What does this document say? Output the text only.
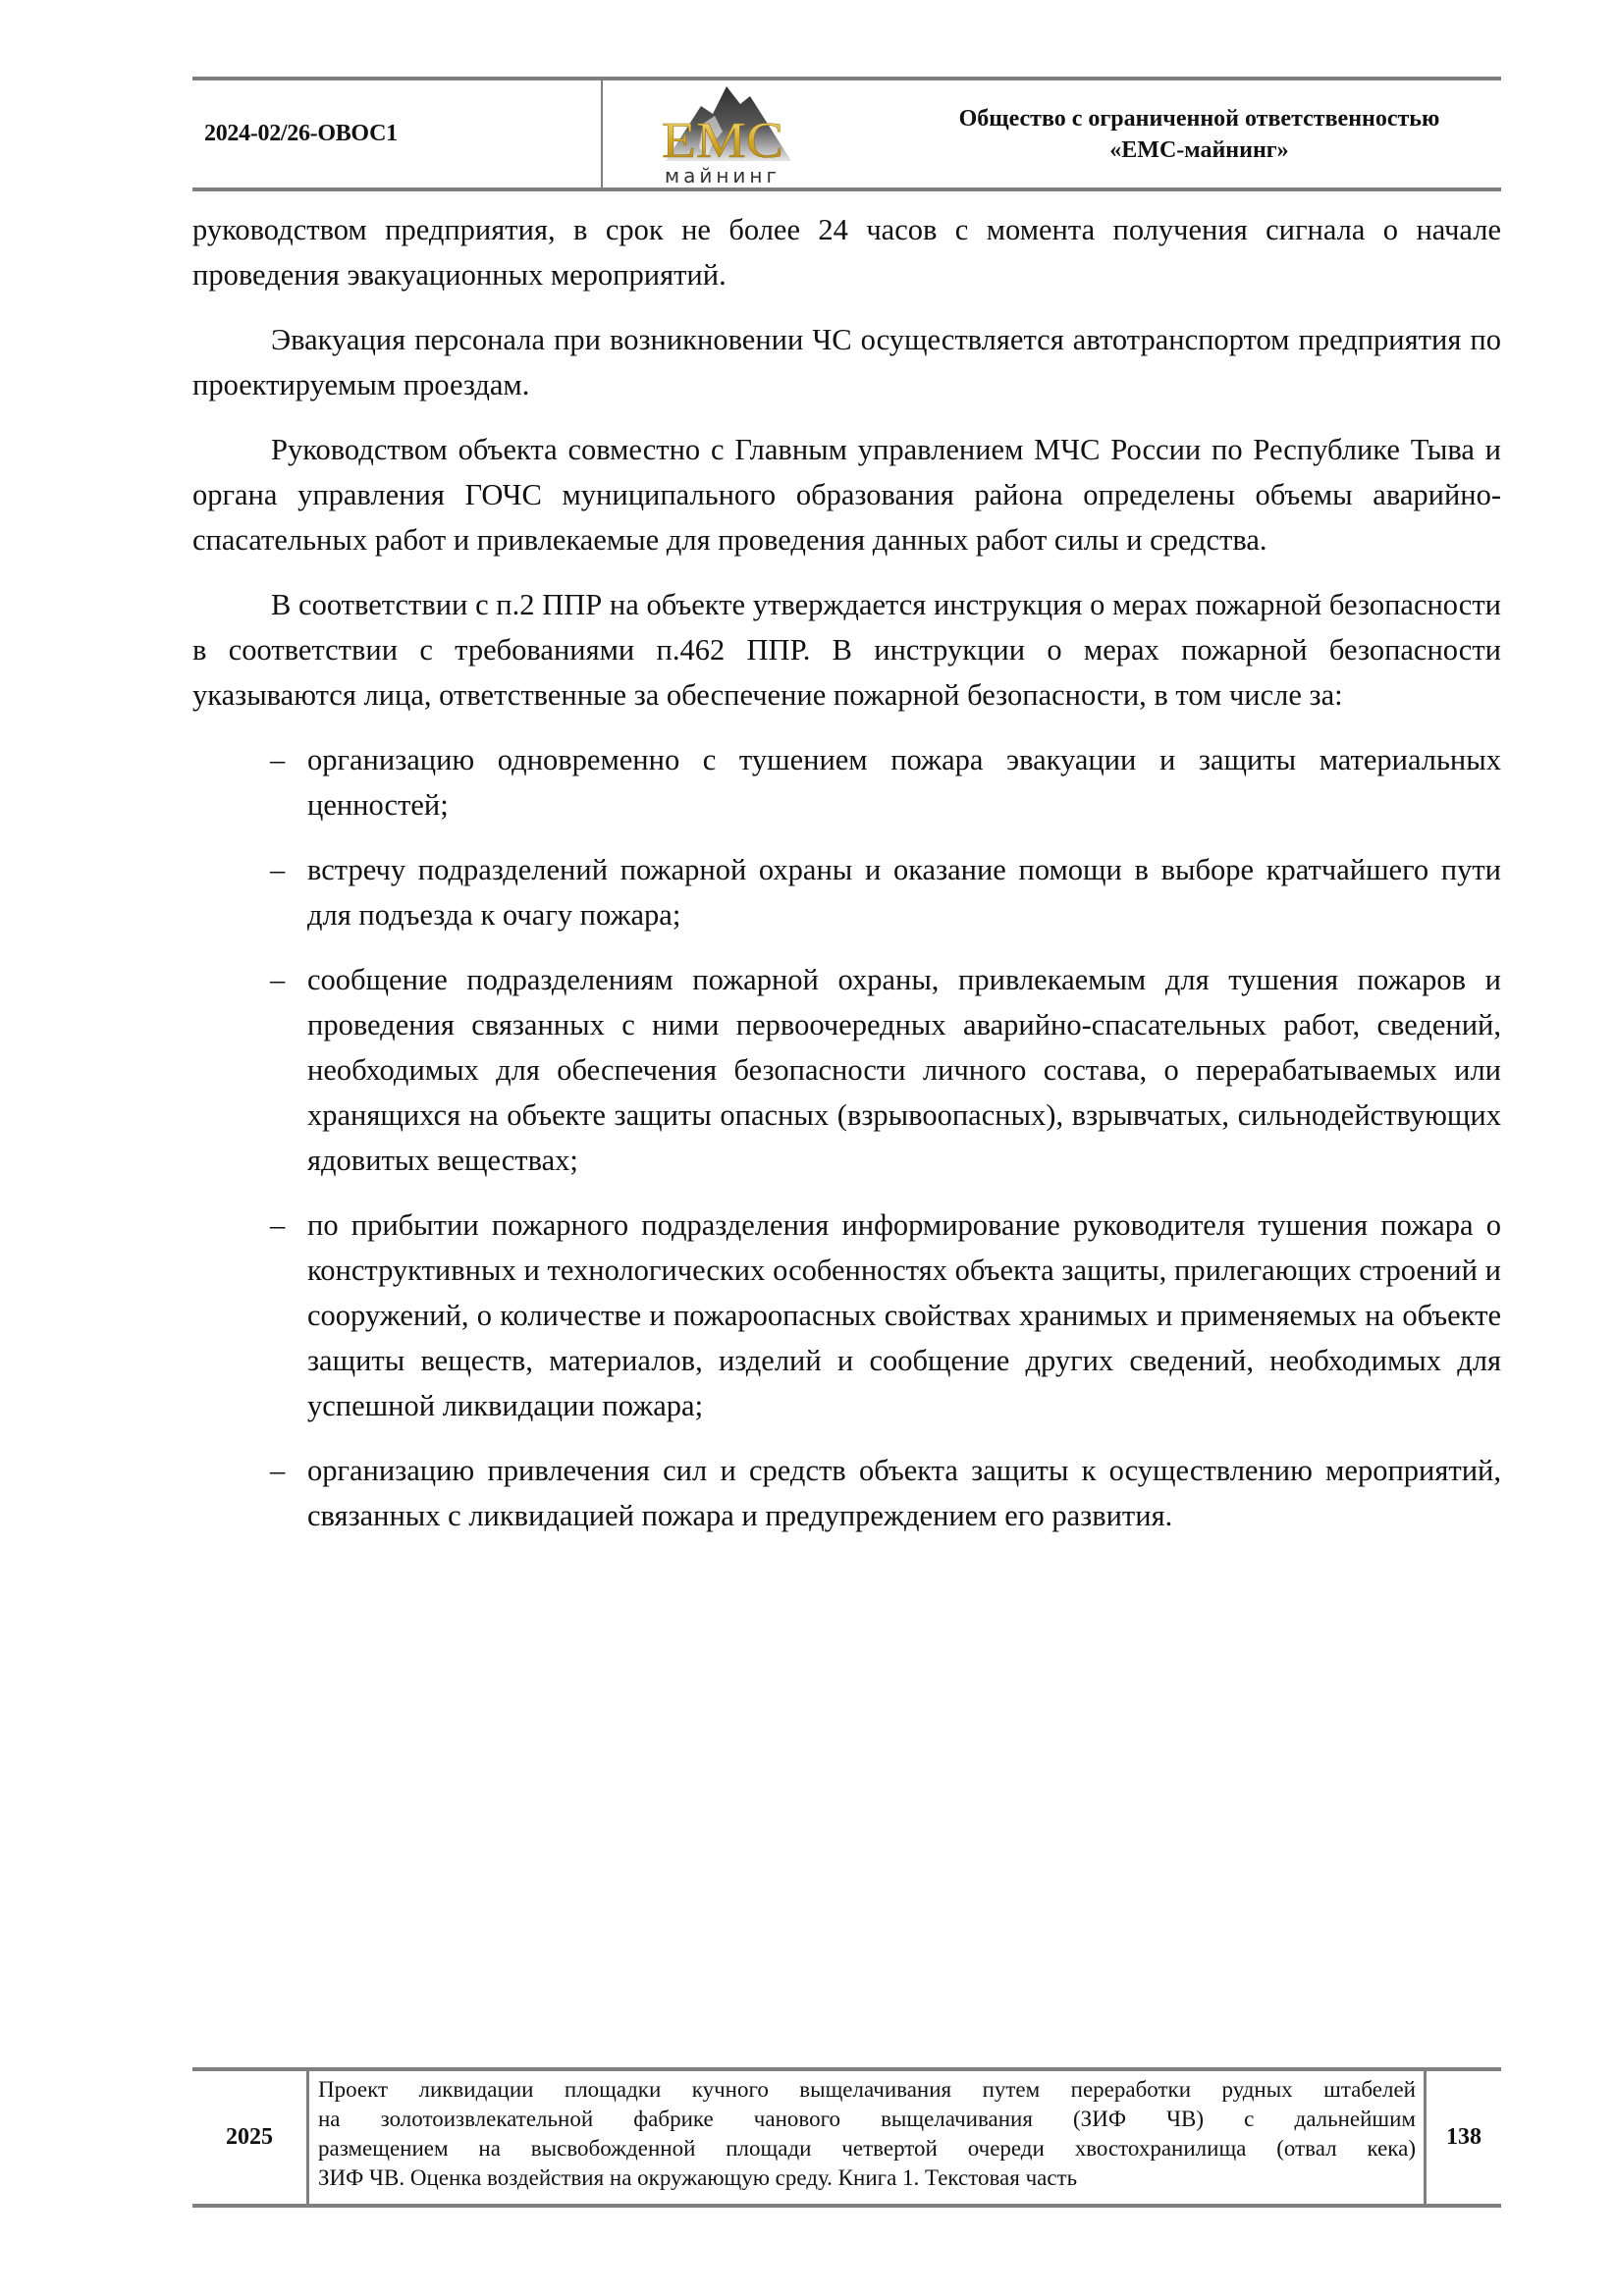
2024-02/26-ОВОС1	EMC
майнинг
Общество с ограниченной ответственностью
«ЕМС-майнинг»

руководством предприятия, в срок не более 24 часов с момента получения сигнала о начале проведения эвакуационных мероприятий.

Эвакуация персонала при возникновении ЧС осуществляется автотранспортом предприятия по проектируемым проездам.

Руководством объекта совместно с Главным управлением МЧС России по Республике Тыва и органа управления ГОЧС муниципального образования района определены объемы аварийно-спасательных работ и привлекаемые для проведения данных работ силы и средства.

В соответствии с п.2 ППР на объекте утверждается инструкция о мерах пожарной безопасности в соответствии с требованиями п.462 ППР. В инструкции о мерах пожарной безопасности указываются лица, ответственные за обеспечение пожарной безопасности, в том числе за:

– организацию одновременно с тушением пожара эвакуации и защиты материальных ценностей;
– встречу подразделений пожарной охраны и оказание помощи в выборе кратчайшего пути для подъезда к очагу пожара;
– сообщение подразделениям пожарной охраны, привлекаемым для тушения пожаров и проведения связанных с ними первоочередных аварийно-спасательных работ, сведений, необходимых для обеспечения безопасности личного состава, о перерабатываемых или хранящихся на объекте защиты опасных (взрывоопасных), взрывчатых, сильнодействующих ядовитых веществах;
– по прибытии пожарного подразделения информирование руководителя тушения пожара о конструктивных и технологических особенностях объекта защиты, прилегающих строений и сооружений, о количестве и пожароопасных свойствах хранимых и применяемых на объекте защиты веществ, материалов, изделий и сообщение других сведений, необходимых для успешной ликвидации пожара;
– организацию привлечения сил и средств объекта защиты к осуществлению мероприятий, связанных с ликвидацией пожара и предупреждением его развития.
2025
Проект ликвидации площадки кучного выщелачивания путем переработки рудных штабелей
на золотоизвлекательной фабрике чанового выщелачивания (ЗИФ ЧВ) с дальнейшим
размещением на высвобожденной площади четвертой очереди хвостохранилища (отвал кека)
ЗИФ ЧВ. Оценка воздействия на окружающую среду. Книга 1. Текстовая часть
138
